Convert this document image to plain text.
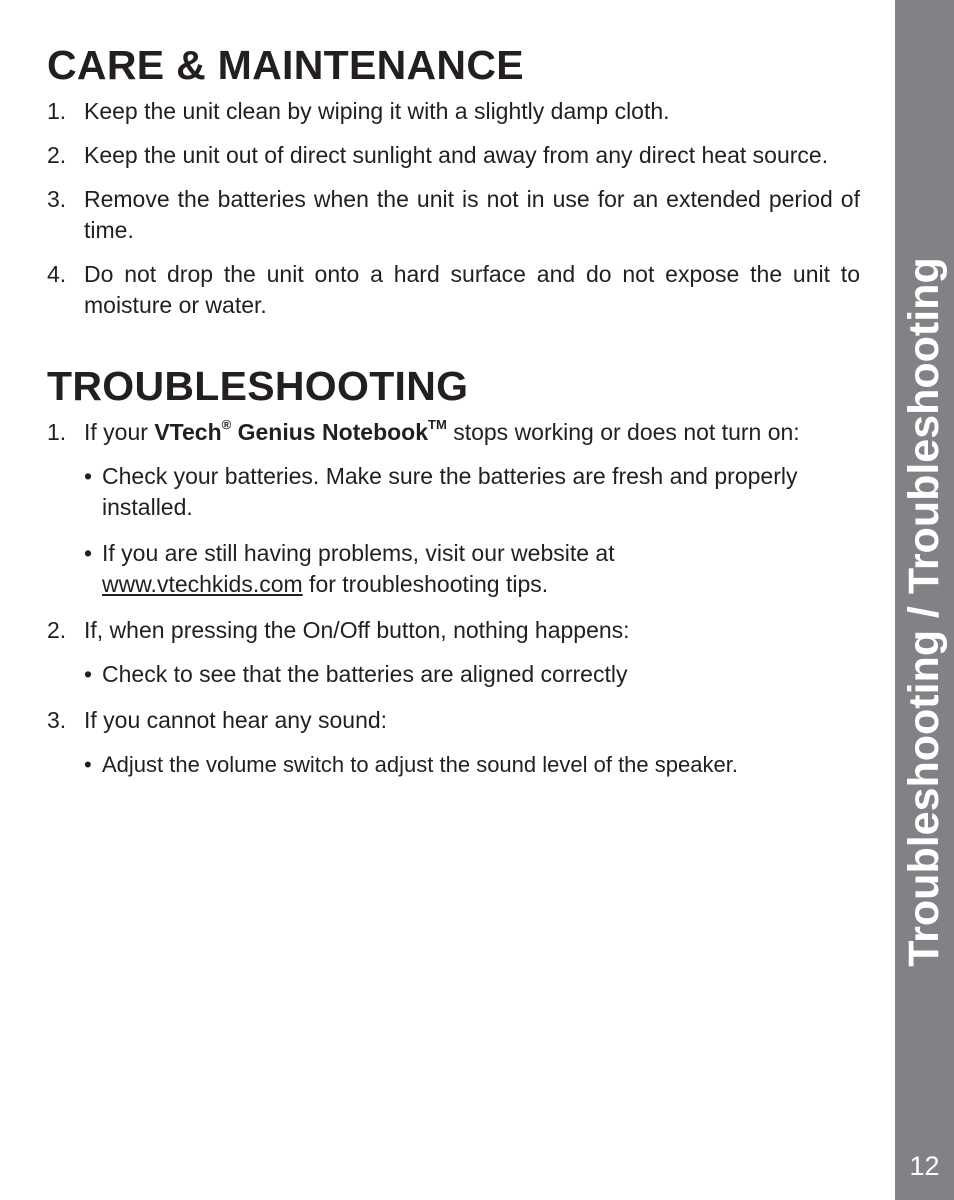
CARE & MAINTENANCE
1. Keep the unit clean by wiping it with a slightly damp cloth.
2. Keep the unit out of direct sunlight and away from any direct heat source.
3. Remove the batteries when the unit is not in use for an extended period of time.
4. Do not drop the unit onto a hard surface and do not expose the unit to moisture or water.
TROUBLESHOOTING
1. If your VTech® Genius Notebook™ stops working or does not turn on:
• Check your batteries. Make sure the batteries are fresh and properly installed.
• If you are still having problems, visit our website at
www.vtechkids.com for troubleshooting tips.
2. If, when pressing the On/Off button, nothing happens:
• Check to see that the batteries are aligned correctly
3. If you cannot hear any sound:
• Adjust the volume switch to adjust the sound level of the speaker.	Troubleshooting / Troubleshooting
12
